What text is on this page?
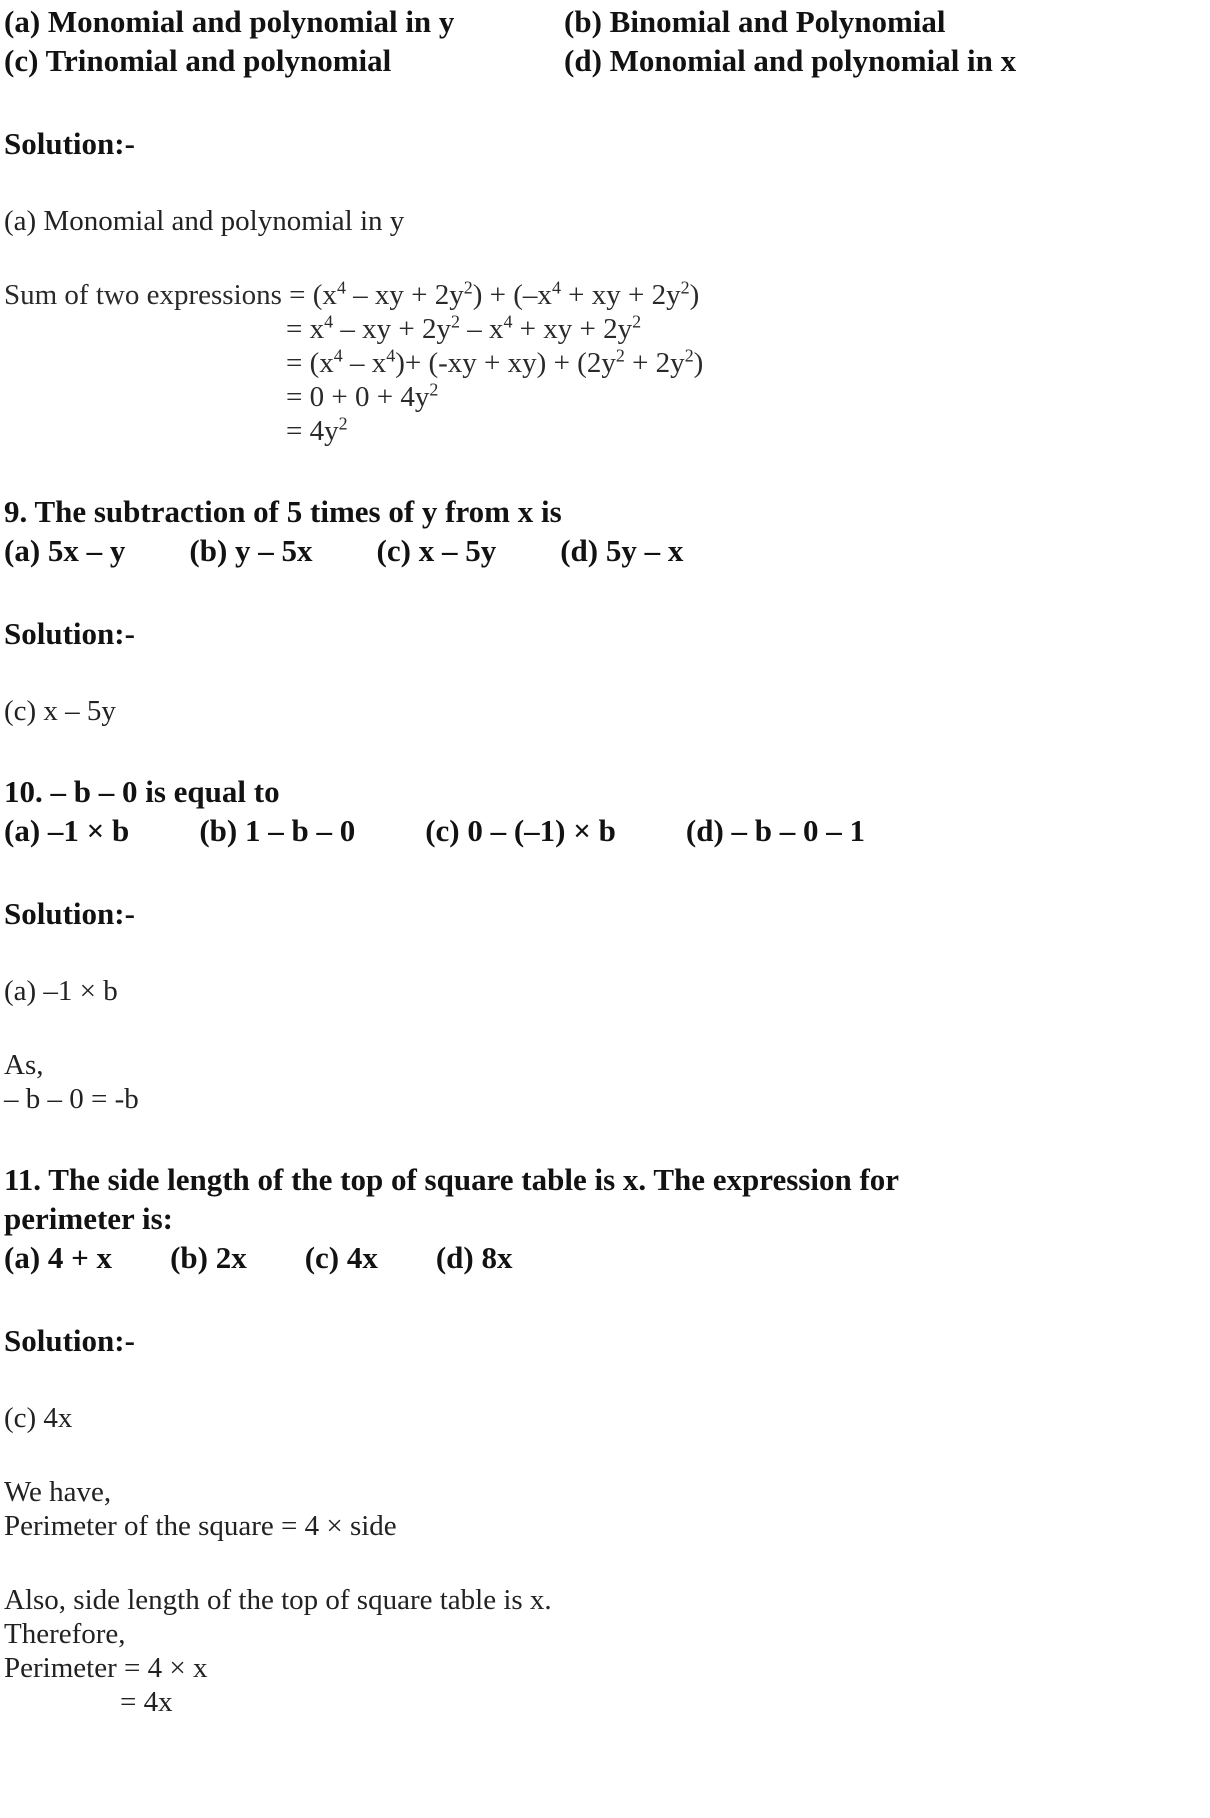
(a) Monomial and polynomial in y	(b) Binomial and Polynomial
(c) Trinomial and polynomial	(d) Monomial and polynomial in x
Solution:-
(a) Monomial and polynomial in y
Sum of two expressions = ($x^4$ – xy + $2y^2) + (-x^4$ + xy + $2y^2$)
= $x^4$ – xy + $2y^2 - x^4$ + xy + $2y^2$
= $(x^4 - x^4)+ (-xy + xy) + (2y^2 + 2y^2)$
= $0 + 0 + 4y^2$
= $4y^2$
9. The subtraction of 5 times of y from x is
(a) 5x – y (b) y – 5x (c) x – 5y (d) 5y – x
Solution:-
(c) x – 5y
10. – b – 0 is equal to
(a) –1 × b (b) 1 – b – 0 (c) 0 – (–1) × b (d) – b – 0 – 1
Solution:-
(a) –1 × b
As,
– b – 0 = -b
11. The side length of the top of square table is x. The expression for perimeter is:
(a) 4 + x (b) 2x (c) 4x (d) 8x
Solution:-
(c) 4x
We have,
Perimeter of the square = 4 × side
Also, side length of the top of square table is x.
Therefore,
Perimeter = 4 × x
= 4x
